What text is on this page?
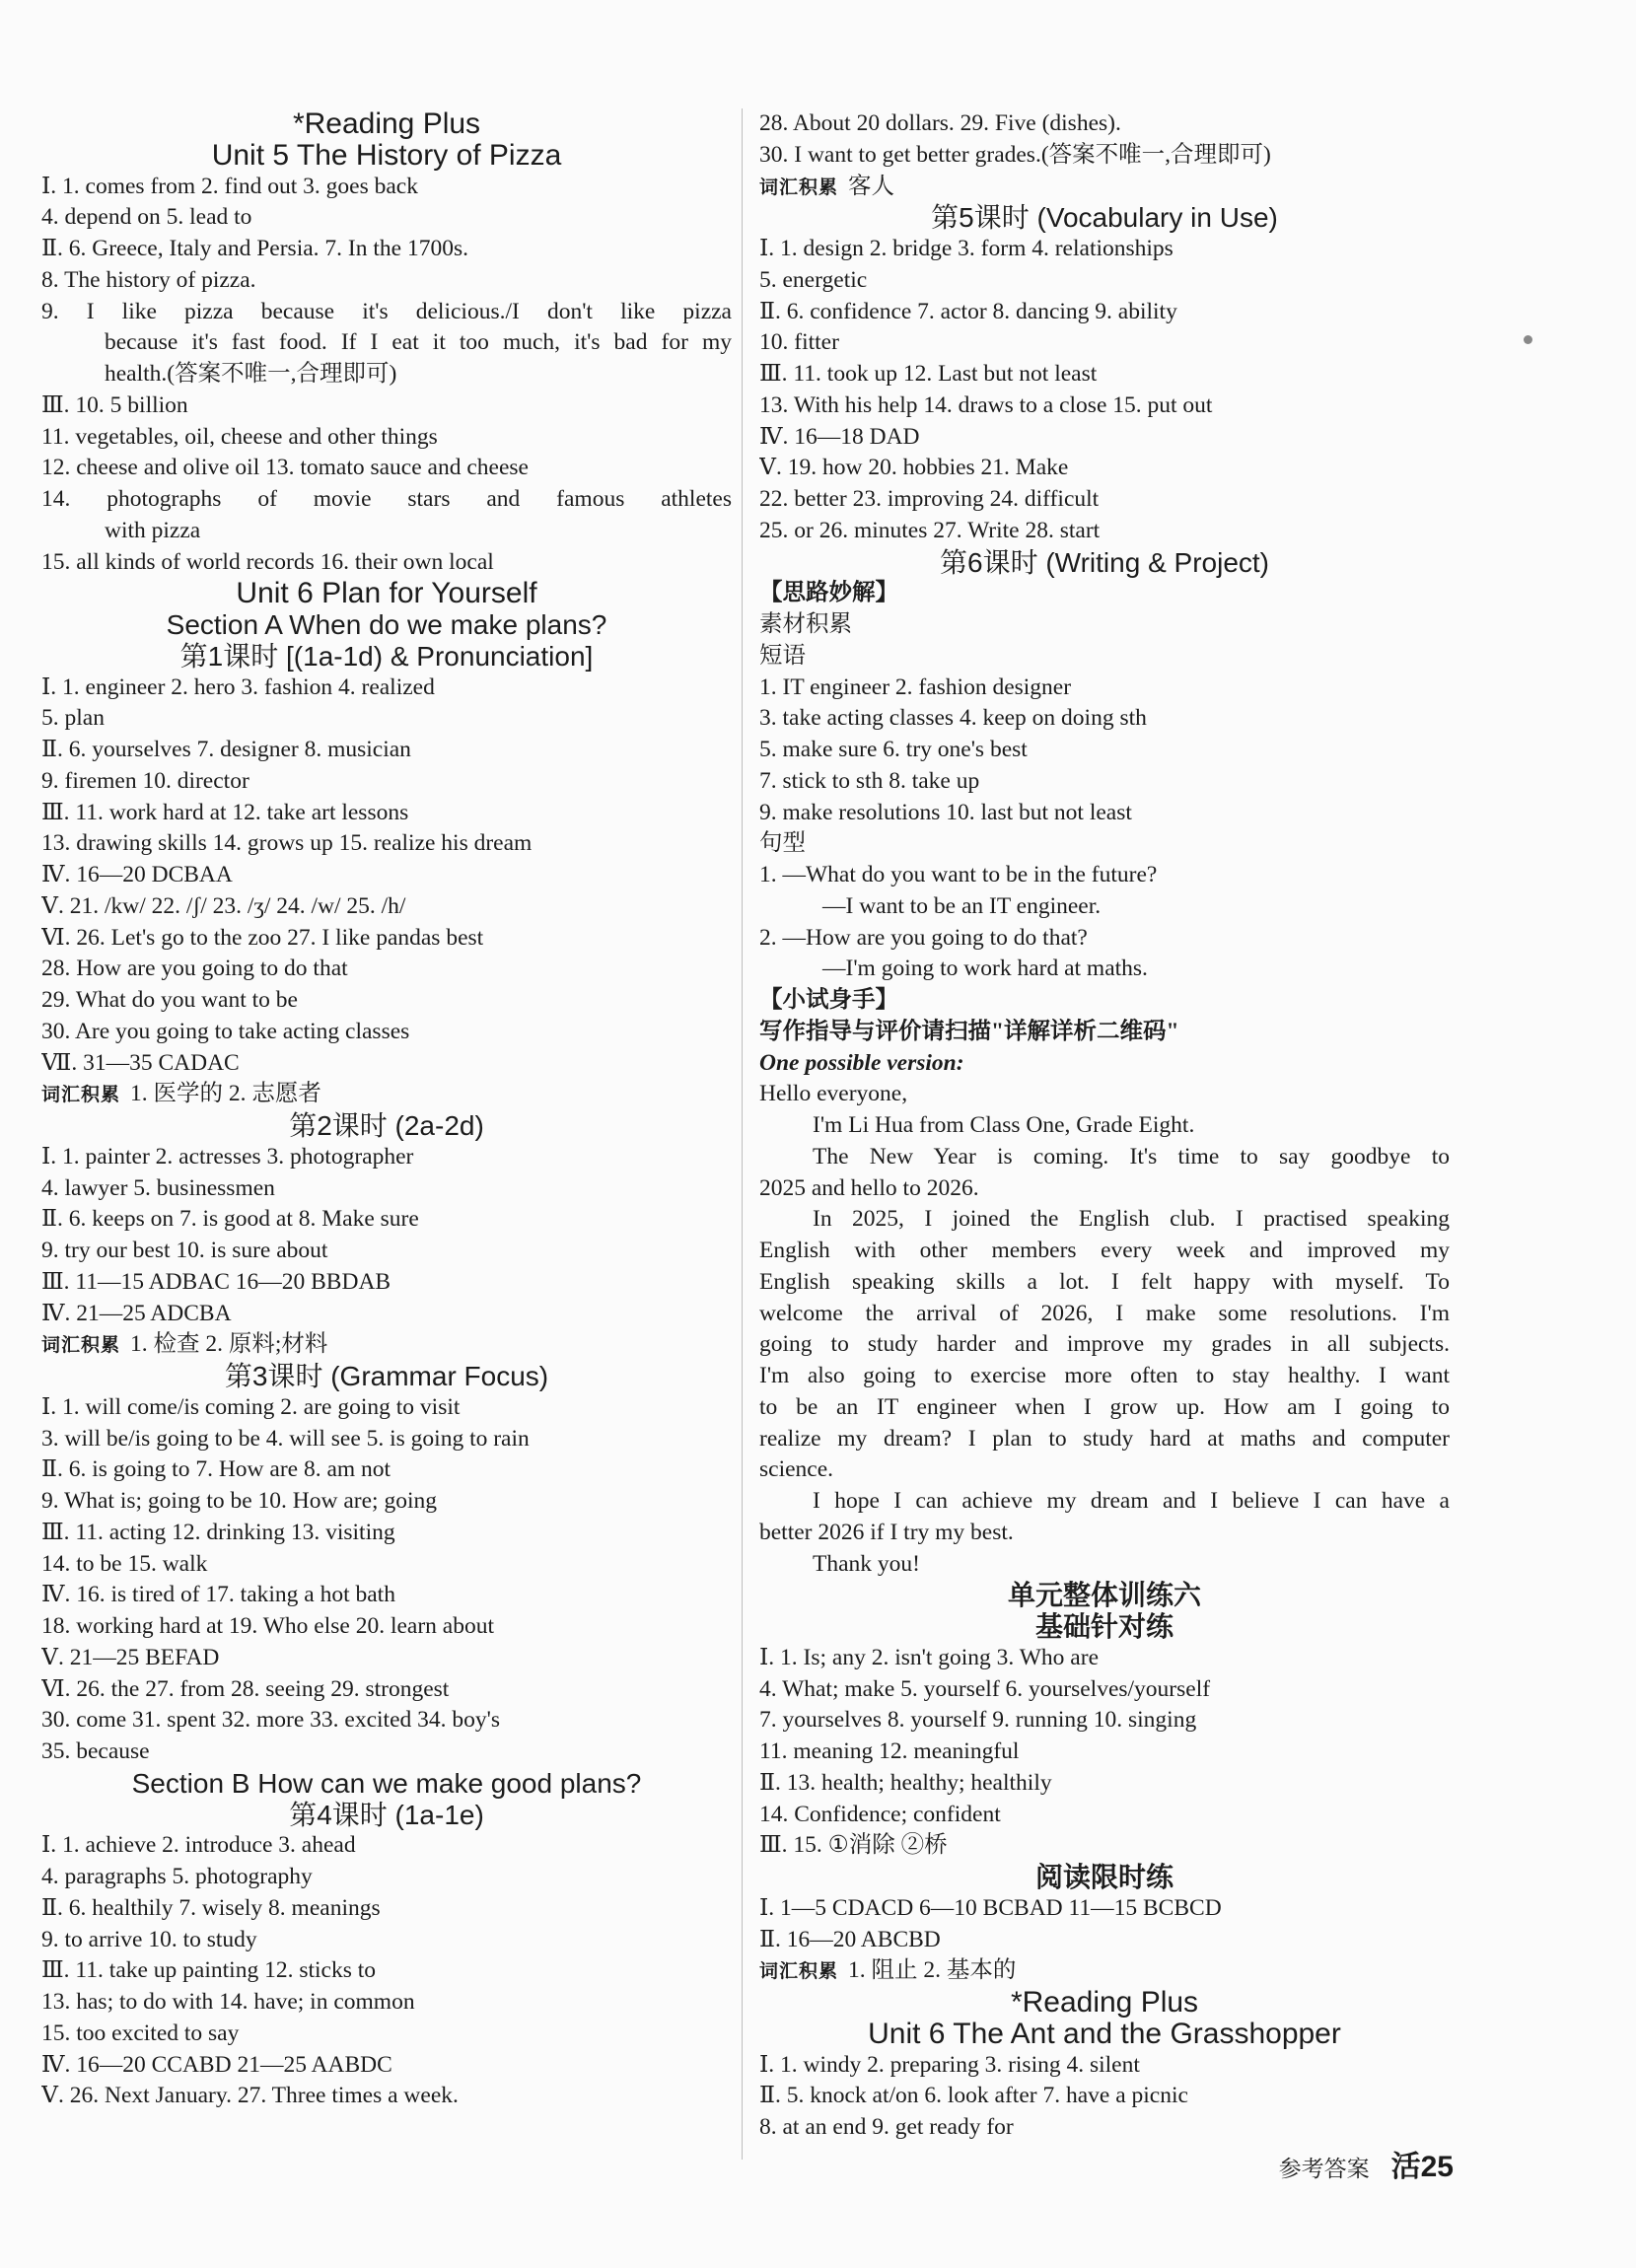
*Reading Plus
Unit 5 The History of Pizza
Ⅰ. 1. comes from 2. find out 3. goes back
4. depend on 5. lead to
Ⅱ. 6. Greece, Italy and Persia. 7. In the 1700s.
8. The history of pizza.
9. I like pizza because it's delicious./I don't like pizza
because it's fast food. If I eat it too much, it's bad for my
health.(答案不唯一,合理即可)
Ⅲ. 10. 5 billion
11. vegetables, oil, cheese and other things
12. cheese and olive oil 13. tomato sauce and cheese
14. photographs of movie stars and famous athletes
with pizza
15. all kinds of world records 16. their own local
Unit 6 Plan for Yourself
Section A When do we make plans?
第1课时 [(1a-1d) & Pronunciation]
Ⅰ. 1. engineer 2. hero 3. fashion 4. realized
5. plan
Ⅱ. 6. yourselves 7. designer 8. musician
9. firemen 10. director
Ⅲ. 11. work hard at 12. take art lessons
13. drawing skills 14. grows up 15. realize his dream
Ⅳ. 16—20 DCBAA
Ⅴ. 21. /kw/ 22. /ʃ/ 23. /ʒ/ 24. /w/ 25. /h/
Ⅵ. 26. Let's go to the zoo 27. I like pandas best
28. How are you going to do that
29. What do you want to be
30. Are you going to take acting classes
Ⅶ. 31—35 CADAC
词汇积累 1. 医学的 2. 志愿者
第2课时 (2a-2d)
Ⅰ. 1. painter 2. actresses 3. photographer
4. lawyer 5. businessmen
Ⅱ. 6. keeps on 7. is good at 8. Make sure
9. try our best 10. is sure about
Ⅲ. 11—15 ADBAC 16—20 BBDAB
Ⅳ. 21—25 ADCBA
词汇积累 1. 检查 2. 原料;材料
第3课时 (Grammar Focus)
Ⅰ. 1. will come/is coming 2. are going to visit
3. will be/is going to be 4. will see 5. is going to rain
Ⅱ. 6. is going to 7. How are 8. am not
9. What is; going to be 10. How are; going
Ⅲ. 11. acting 12. drinking 13. visiting
14. to be 15. walk
Ⅳ. 16. is tired of 17. taking a hot bath
18. working hard at 19. Who else 20. learn about
Ⅴ. 21—25 BEFAD
Ⅵ. 26. the 27. from 28. seeing 29. strongest
30. come 31. spent 32. more 33. excited 34. boy's
35. because
Section B How can we make good plans?
第4课时 (1a-1e)
Ⅰ. 1. achieve 2. introduce 3. ahead
4. paragraphs 5. photography
Ⅱ. 6. healthily 7. wisely 8. meanings
9. to arrive 10. to study
Ⅲ. 11. take up painting 12. sticks to
13. has; to do with 14. have; in common
15. too excited to say
Ⅳ. 16—20 CCABD 21—25 AABDC
Ⅴ. 26. Next January. 27. Three times a week.
28. About 20 dollars. 29. Five (dishes).
30. I want to get better grades.(答案不唯一,合理即可)
词汇积累 客人
第5课时 (Vocabulary in Use)
Ⅰ. 1. design 2. bridge 3. form 4. relationships
5. energetic
Ⅱ. 6. confidence 7. actor 8. dancing 9. ability
10. fitter
Ⅲ. 11. took up 12. Last but not least
13. With his help 14. draws to a close 15. put out
Ⅳ. 16—18 DAD
Ⅴ. 19. how 20. hobbies 21. Make
22. better 23. improving 24. difficult
25. or 26. minutes 27. Write 28. start
第6课时 (Writing & Project)
【思路妙解】
素材积累
短语
1. IT engineer 2. fashion designer
3. take acting classes 4. keep on doing sth
5. make sure 6. try one's best
7. stick to sth 8. take up
9. make resolutions 10. last but not least
句型
1. —What do you want to be in the future?
—I want to be an IT engineer.
2. —How are you going to do that?
—I'm going to work hard at maths.
【小试身手】
写作指导与评价请扫描"详解详析二维码"
One possible version:
Hello everyone,
I'm Li Hua from Class One, Grade Eight.
The New Year is coming. It's time to say goodbye to
2025 and hello to 2026.
In 2025, I joined the English club. I practised speaking
English with other members every week and improved my
English speaking skills a lot. I felt happy with myself. To
welcome the arrival of 2026, I make some resolutions. I'm
going to study harder and improve my grades in all subjects.
I'm also going to exercise more often to stay healthy. I want
to be an IT engineer when I grow up. How am I going to
realize my dream? I plan to study hard at maths and computer
science.
I hope I can achieve my dream and I believe I can have a
better 2026 if I try my best.
Thank you!
单元整体训练六
基础针对练
Ⅰ. 1. Is; any 2. isn't going 3. Who are
4. What; make 5. yourself 6. yourselves/yourself
7. yourselves 8. yourself 9. running 10. singing
11. meaning 12. meaningful
Ⅱ. 13. health; healthy; healthily
14. Confidence; confident
Ⅲ. 15. ①消除 ②桥
阅读限时练
Ⅰ. 1—5 CDACD 6—10 BCBAD 11—15 BCBCD
Ⅱ. 16—20 ABCBD
词汇积累 1. 阻止 2. 基本的
*Reading Plus
Unit 6 The Ant and the Grasshopper
Ⅰ. 1. windy 2. preparing 3. rising 4. silent
Ⅱ. 5. knock at/on 6. look after 7. have a picnic
8. at an end 9. get ready for
参考答案 活25
